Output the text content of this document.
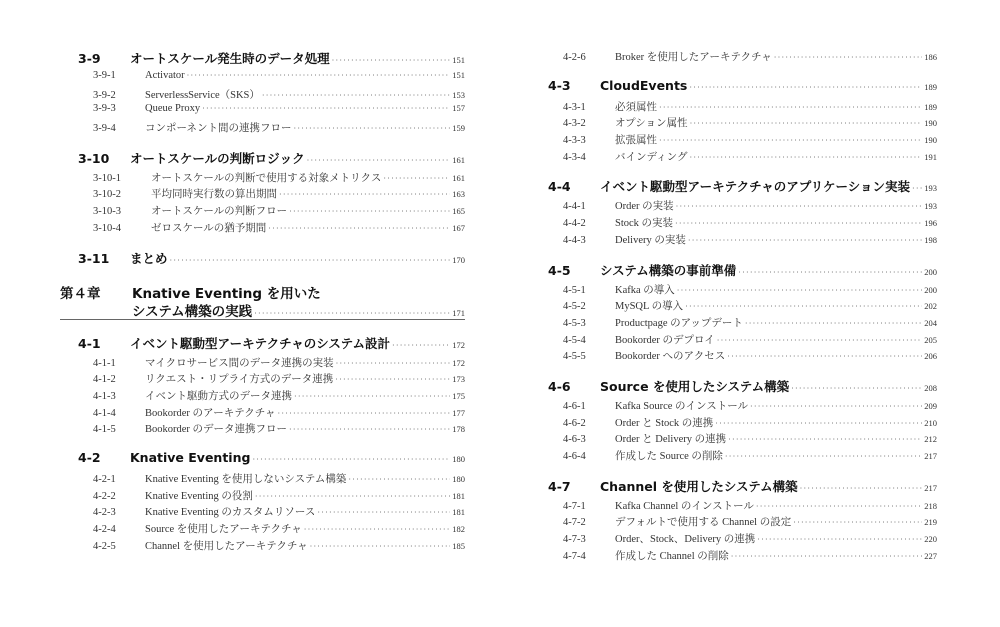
3-9	オートスケール発生時のデータ処理 ·····	151
3-9-1	Activator ·····	151
3-9-2	ServerlessService（SKS） ·····	153
3-9-3	Queue Proxy ·····	157
3-9-4	コンポーネント間の連携フロー ·····	159
3-10	オートスケールの判断ロジック ·····	161
3-10-1	オートスケールの判断で使用する対象メトリクス ·····	161
3-10-2	平均同時実行数の算出期間 ·····	163
3-10-3	オートスケールの判断フロー ·····	165
3-10-4	ゼロスケールの猶予期間 ·····	167
3-11	まとめ ·····	170
第４章	Knative Eventing を用いた
システム構築の実践 ·····	171
4-1	イベント駆動型アーキテクチャのシステム設計 ·····	172
4-1-1	マイクロサービス間のデータ連携の実装 ·····	172
4-1-2	リクエスト・リプライ方式のデータ連携 ·····	173
4-1-3	イベント駆動方式のデータ連携 ·····	175
4-1-4	Bookorder のアーキテクチャ ·····	177
4-1-5	Bookorder のデータ連携フロー ·····	178
4-2	Knative Eventing ·····	180
4-2-1	Knative Eventing を使用しないシステム構築 ·····	180
4-2-2	Knative Eventing の役割 ·····	181
4-2-3	Knative Eventing のカスタムリソース ·····	181
4-2-4	Source を使用したアーキテクチャ ·····	182
4-2-5	Channel を使用したアーキテクチャ ·····	185
4-2-6	Broker を使用したアーキテクチャ ·····	186
4-3	CloudEvents ·····	189
4-3-1	必須属性 ·····	189
4-3-2	オプション属性 ·····	190
4-3-3	拡張属性 ·····	190
4-3-4	バインディング ·····	191
4-4	イベント駆動型アーキテクチャのアプリケーション実装 ····· 193
4-4-1	Order の実装 ·····	193
4-4-2	Stock の実装 ·····	196
4-4-3	Delivery の実装 ·····	198
4-5	システム構築の事前準備 ·····	200
4-5-1	Kafka の導入 ·····	200
4-5-2	MySQL の導入 ·····	202
4-5-3	Productpage のアップデート ·····	204
4-5-4	Bookorder のデプロイ ·····	205
4-5-5	Bookorder へのアクセス ·····	206
4-6	Source を使用したシステム構築 ·····	208
4-6-1	Kafka Source のインストール ·····	209
4-6-2	Order と Stock の連携 ·····	210
4-6-3	Order と Delivery の連携 ·····	212
4-6-4	作成した Source の削除 ·····	217
4-7	Channel を使用したシステム構築 ·····	217
4-7-1	Kafka Channel のインストール ·····	218
4-7-2	デフォルトで使用する Channel の設定 ·····	219
4-7-3	Order、Stock、Delivery の連携 ·····	220
4-7-4	作成した Channel の削除 ·····	227
